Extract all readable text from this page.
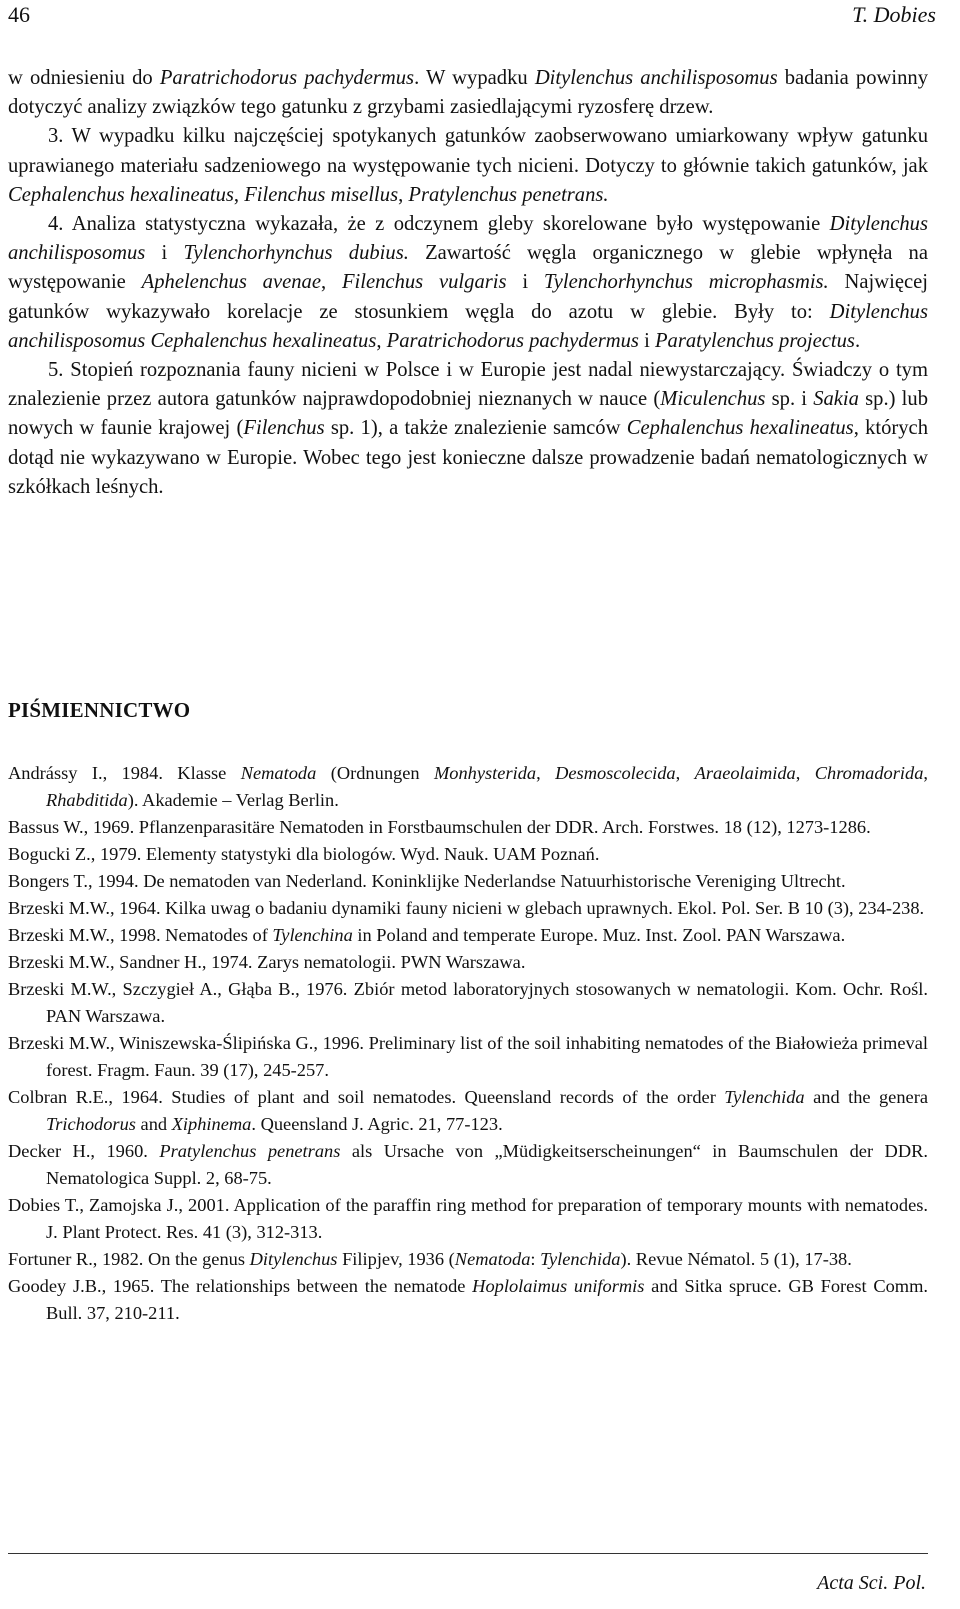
46	T. Dobies

w odniesieniu do Paratrichodorus pachydermus. W wypadku Ditylenchus anchilisposomus badania powinny dotyczyć analizy związków tego gatunku z grzybami zasiedlającymi ryzosferę drzew.

3. W wypadku kilku najczęściej spotykanych gatunków zaobserwowano umiarkowany wpływ gatunku uprawianego materiału sadzeniowego na występowanie tych nicieni. Dotyczy to głównie takich gatunków, jak Cephalenchus hexalineatus, Filenchus misellus, Pratylenchus penetrans.

4. Analiza statystyczna wykazała, że z odczynem gleby skorelowane było występowanie Ditylenchus anchilisposomus i Tylenchorhynchus dubius. Zawartość węgla organicznego w glebie wpłynęła na występowanie Aphelenchus avenae, Filenchus vulgaris i Tylenchorhynchus microphasmis. Najwięcej gatunków wykazywało korelacje ze stosunkiem węgla do azotu w glebie. Były to: Ditylenchus anchilisposomus Cephalenchus hexalineatus, Paratrichodorus pachydermus i Paratylenchus projectus.

5. Stopień rozpoznania fauny nicieni w Polsce i w Europie jest nadal niewystarczający. Świadczy o tym znalezienie przez autora gatunków najprawdopodobniej nieznanych w nauce (Miculenchus sp. i Sakia sp.) lub nowych w faunie krajowej (Filenchus sp. 1), a także znalezienie samców Cephalenchus hexalineatus, których dotąd nie wykazywano w Europie. Wobec tego jest konieczne dalsze prowadzenie badań nematologicznych w szkółkach leśnych.

PIŚMIENNICTWO
Andrássy I., 1984. Klasse Nematoda (Ordnungen Monhysterida, Desmoscolecida, Araeolaimida, Chromadorida, Rhabditida). Akademie – Verlag Berlin.
Bassus W., 1969. Pflanzenparasitäre Nematoden in Forstbaumschulen der DDR. Arch. Forstwes. 18 (12), 1273-1286.
Bogucki Z., 1979. Elementy statystyki dla biologów. Wyd. Nauk. UAM Poznań.
Bongers T., 1994. De nematoden van Nederland. Koninklijke Nederlandse Natuurhistorische Vereniging Ultrecht.
Brzeski M.W., 1964. Kilka uwag o badaniu dynamiki fauny nicieni w glebach uprawnych. Ekol. Pol. Ser. B 10 (3), 234-238.
Brzeski M.W., 1998. Nematodes of Tylenchina in Poland and temperate Europe. Muz. Inst. Zool. PAN Warszawa.
Brzeski M.W., Sandner H., 1974. Zarys nematologii. PWN Warszawa.
Brzeski M.W., Szczygieł A., Głąba B., 1976. Zbiór metod laboratoryjnych stosowanych w nematologii. Kom. Ochr. Rośl. PAN Warszawa.
Brzeski M.W., Winiszewska-Ślipińska G., 1996. Preliminary list of the soil inhabiting nematodes of the Białowieża primeval forest. Fragm. Faun. 39 (17), 245-257.
Colbran R.E., 1964. Studies of plant and soil nematodes. Queensland records of the order Tylenchida and the genera Trichodorus and Xiphinema. Queensland J. Agric. 21, 77-123.
Decker H., 1960. Pratylenchus penetrans als Ursache von „Müdigkeitserscheinungen“ in Baumschulen der DDR. Nematologica Suppl. 2, 68-75.
Dobies T., Zamojska J., 2001. Application of the paraffin ring method for preparation of temporary mounts with nematodes. J. Plant Protect. Res. 41 (3), 312-313.
Fortuner R., 1982. On the genus Ditylenchus Filipjev, 1936 (Nematoda: Tylenchida). Revue Nématol. 5 (1), 17-38.
Goodey J.B., 1965. The relationships between the nematode Hoplolaimus uniformis and Sitka spruce. GB Forest Comm. Bull. 37, 210-211.
Acta Sci. Pol.
